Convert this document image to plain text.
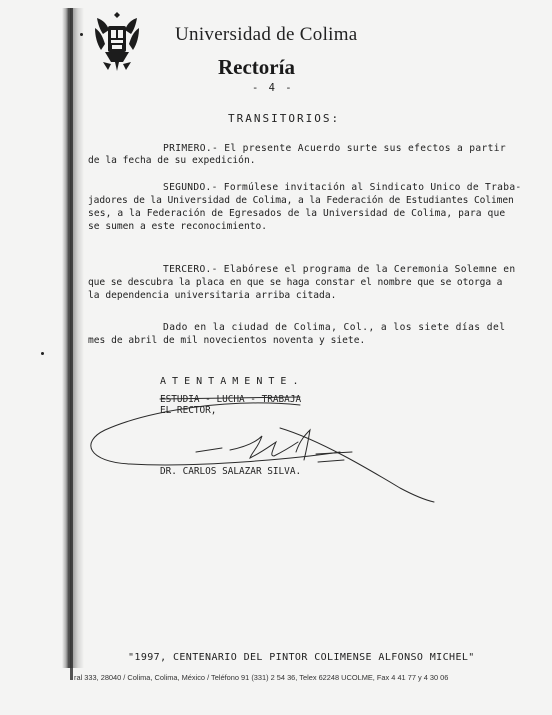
Universidad de Colima
Rectoría
- 4 -
TRANSITORIOS:
PRIMERO.- El presente Acuerdo surte sus efectos a partir
de la fecha de su expedición.
SEGUNDO.- Formúlese invitación al Sindicato Unico de Traba-
jadores de la Universidad de Colima, a la Federación de Estudiantes Colimen
ses, a la Federación de Egresados de la Universidad de Colima, para que
se sumen a este reconocimiento.
TERCERO.- Elabórese el programa de la Ceremonia Solemne en
que se descubra la placa en que se haga constar el nombre que se otorga a
la dependencia universitaria arriba citada.
Dado en la ciudad de Colima, Col., a los siete días del
mes de abril de mil novecientos noventa y siete.
A T E N T A M E N T E .
ESTUDIA - LUCHA - TRABAJA
EL RECTOR,
DR. CARLOS SALAZAR SILVA.
"1997, CENTENARIO DEL PINTOR COLIMENSE ALFONSO MICHEL"
ral 333, 28040 / Colima, Colima, México / Teléfono 91 (331) 2 54 36, Telex 62248 UCOLME, Fax 4 41 77 y 4 30 06
